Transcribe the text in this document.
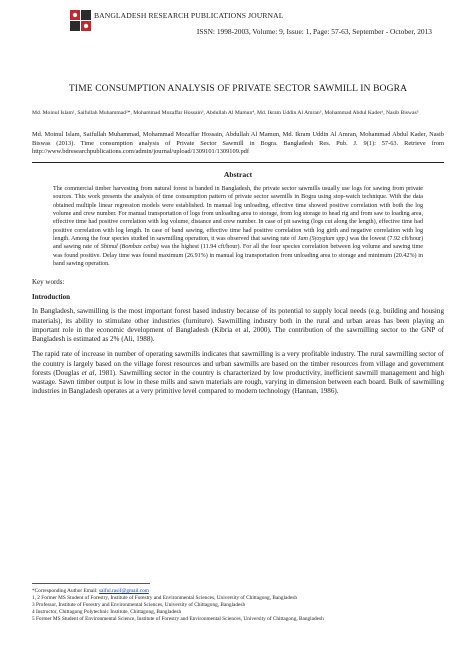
BANGLADESH RESEARCH PUBLICATIONS JOURNAL
ISSN: 1998-2003, Volume: 9, Issue: 1, Page: 57-63, September - October, 2013
TIME CONSUMPTION ANALYSIS OF PRIVATE SECTOR SAWMILL IN BOGRA
Md. Moinul Islam¹, Saifullah Muhammad²*, Mohammad Mozaffar Hossain³, Abdullah Al Mamun⁴, Md. Ikram Uddin Al Amran⁵, Mohammad Abdul Kader¹, Nasib Biswas⁵
Md. Moinul Islam, Saifullah Muhammad, Mohammad Mozaffar Hossain, Abdullah Al Mamun, Md. Ikram Uddin Al Amran, Mohammad Abdul Kader, Nasib Biswas (2013). Time consumption analysis of Private Sector Sawmill in Bogra. Bangladesh Res. Pub. J. 9(1): 57-63. Retrieve from http://www.bdresearchpublications.com/admin/journal/upload/1309101/1309109.pdf
Abstract
The commercial timber harvesting from natural forest is banded in Bangladesh, the private sector sawmills usually use logs for sawing from private sources. This work presents the analysis of time consumption pattern of private sector sawmills in Bogra using stop-watch technique. With the data obtained multiple linear regression models were established. In manual log unloading, effective time showed positive correlation with both the log volume and crew number. For manual transportation of logs from unloading area to storage, from log storage to head rig and from saw to loading area, effective time had positive correlation with log volume, distance and crew number. In case of pit sawing (logs cut along the length), effective time had positive correlation with log length. In case of band sawing, effective time had positive correlation with log girth and negative correlation with log length. Among the four species studied in sawmilling operation, it was observed that sawing rate of Jam (Syzygium spp.) was the lowest (7.92 cft/hour) and sawing rate of Shimul (Bombax ceiba) was the highest (11.94 cft/hour). For all the four species correlation between log volume and sawing time was found positive. Delay time was found maximum (26.91%) in manual log transportation from unloading area to storage and minimum (20.42%) in band sawing operation.
Key words:
Introduction
In Bangladesh, sawmilling is the most important forest based industry because of its potential to supply local needs (e.g. building and housing materials), its ability to stimulate other industries (furniture). Sawmilling industry both in the rural and urban areas has been playing an important role in the economic development of Bangladesh (Kibria et al, 2000). The contribution of the sawmilling sector to the GNP of Bangladesh is estimated as 2% (Ali, 1988).
The rapid rate of increase in number of operating sawmills indicates that sawmilling is a very profitable industry. The rural sawmilling sector of the country is largely based on the village forest resources and urban sawmills are based on the timber resources from village and government forests (Douglas et al, 1981). Sawmilling sector in the country is characterized by low productivity, inefficient sawmill management and high wastage. Sawn timber output is low in these mills and sawn materials are rough, varying in dimension between each board. Bulk of sawmilling industries in Bangladesh operates at a very primitive level compared to modern technology (Hannan, 1986).
*Corresponding Author Email: saiful.rasif@gmail.com
1, 2 Former MS Student of Forestry, Institute of Forestry and Environmental Sciences, University of Chittagong, Bangladesh
3 Professor, Institute of Forestry and Environmental Sciences, University of Chittagong, Bangladesh
4 Instructor, Chittagong Polytechnic Institute, Chittagong, Bangladesh
5 Former MS Student of Environmental Science, Institute of Forestry and Environmental Sciences, University of Chittagong, Bangladesh
